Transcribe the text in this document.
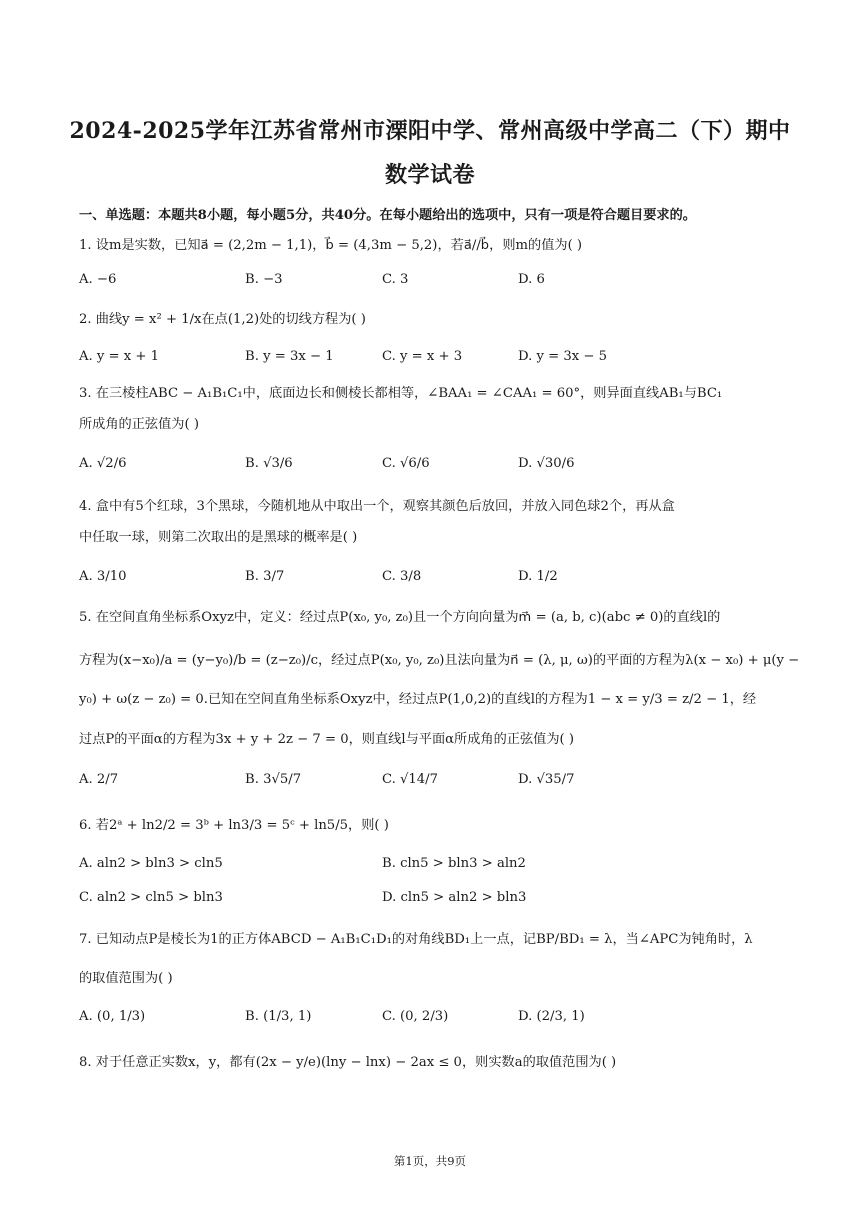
2024-2025学年江苏省常州市溧阳中学、常州高级中学高二（下）期中
数学试卷
一、单选题：本题共8小题，每小题5分，共40分。在每小题给出的选项中，只有一项是符合题目要求的。
1. 设m是实数，已知a⃗ = (2,2m − 1,1)，b⃗ = (4,3m − 5,2)，若a⃗//b⃗，则m的值为( )
A. −6	B. −3	C. 3	D. 6
2. 曲线y = x² + 1/x在点(1,2)处的切线方程为( )
A. y = x + 1	B. y = 3x − 1	C. y = x + 3	D. y = 3x − 5
3. 在三棱柱ABC − A₁B₁C₁中，底面边长和侧棱长都相等，∠BAA₁ = ∠CAA₁ = 60°，则异面直线AB₁与BC₁
所成角的正弦值为( )
A. √2/6	B. √3/6	C. √6/6	D. √30/6
4. 盒中有5个红球，3个黑球，今随机地从中取出一个，观察其颜色后放回，并放入同色球2个，再从盒
中任取一球，则第二次取出的是黑球的概率是( )
A. 3/10	B. 3/7	C. 3/8	D. 1/2
5. 在空间直角坐标系Oxyz中，定义：经过点P(x₀, y₀, z₀)且一个方向向量为m⃗ = (a, b, c)(abc ≠ 0)的直线l的
方程为(x−x₀)/a = (y−y₀)/b = (z−z₀)/c，经过点P(x₀, y₀, z₀)且法向量为n⃗ = (λ, μ, ω)的平面的方程为λ(x − x₀) + μ(y −
y₀) + ω(z − z₀) = 0.已知在空间直角坐标系Oxyz中，经过点P(1,0,2)的直线l的方程为1 − x = y/3 = z/2 − 1，经
过点P的平面α的方程为3x + y + 2z − 7 = 0，则直线l与平面α所成角的正弦值为( )
A. 2/7	B. 3√5/7	C. √14/7	D. √35/7
6. 若2ᵃ + ln2/2 = 3ᵇ + ln3/3 = 5ᶜ + ln5/5，则( )
A. aln2 > bln3 > cln5	B. cln5 > bln3 > aln2
C. aln2 > cln5 > bln3	D. cln5 > aln2 > bln3
7. 已知动点P是棱长为1的正方体ABCD − A₁B₁C₁D₁的对角线BD₁上一点，记BP/BD₁ = λ，当∠APC为钝角时，λ
的取值范围为( )
A. (0, 1/3)	B. (1/3, 1)	C. (0, 2/3)	D. (2/3, 1)
8. 对于任意正实数x，y，都有(2x − y/e)(lny − lnx) − 2ax ≤ 0，则实数a的取值范围为( )
第1页，共9页
